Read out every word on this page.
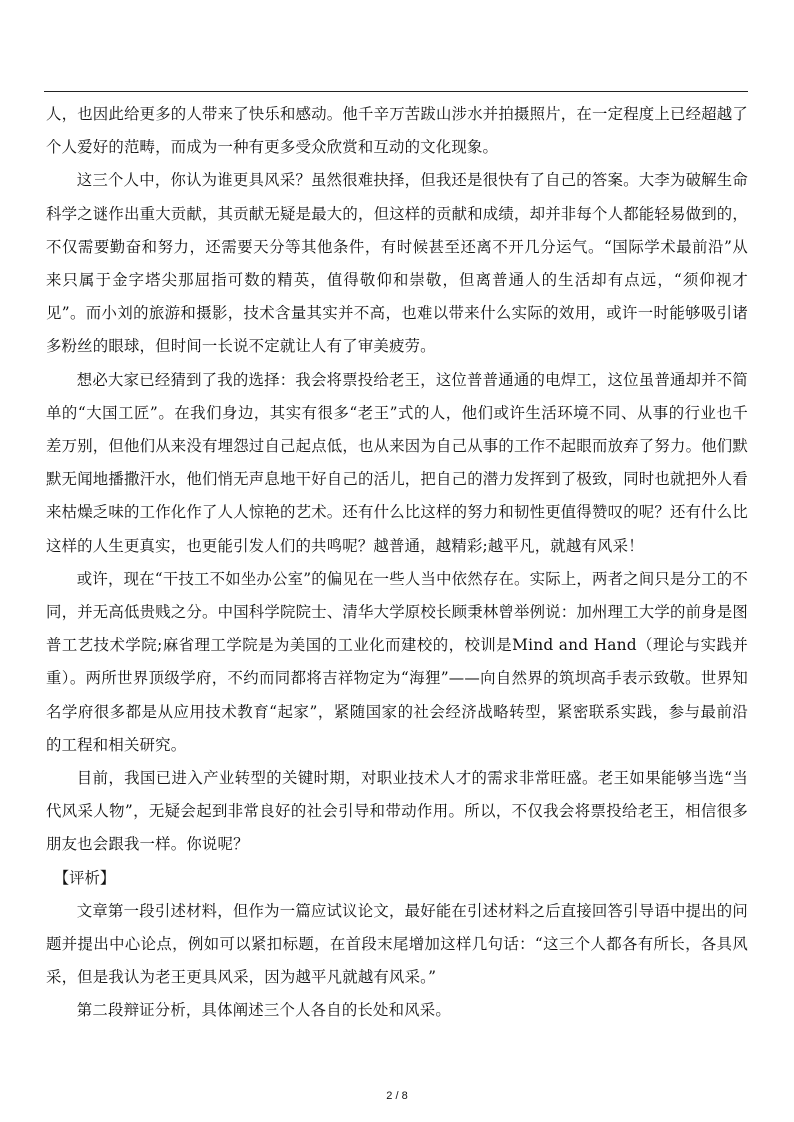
人，也因此给更多的人带来了快乐和感动。他千辛万苦跋山涉水并拍摄照片，在一定程度上已经超越了个人爱好的范畴，而成为一种有更多受众欣赏和互动的文化现象。

这三个人中，你认为谁更具风采？虽然很难抉择，但我还是很快有了自己的答案。大李为破解生命科学之谜作出重大贡献，其贡献无疑是最大的，但这样的贡献和成绩，却并非每个人都能轻易做到的，不仅需要勤奋和努力，还需要天分等其他条件，有时候甚至还离不开几分运气。“国际学术最前沿”从来只属于金字塔尖那屈指可数的精英，值得敬仰和崇敬，但离普通人的生活却有点远，“须仰视才见”。而小刘的旅游和摄影，技术含量其实并不高，也难以带来什么实际的效用，或许一时能够吸引诸多粉丝的眼球，但时间一长说不定就让人有了审美疲劳。

想必大家已经猜到了我的选择：我会将票投给老王，这位普普通通的电焊工，这位虽普通却并不简单的“大国工匠”。在我们身边，其实有很多“老王”式的人，他们或许生活环境不同、从事的行业也千差万别，但他们从来没有埋怨过自己起点低，也从来因为自己从事的工作不起眼而放弃了努力。他们默默无闻地播撒汗水，他们悄无声息地干好自己的活儿，把自己的潜力发挥到了极致，同时也就把外人看来枯燥乏味的工作化作了人人惊艳的艺术。还有什么比这样的努力和韧性更值得赞叹的呢？还有什么比这样的人生更真实，也更能引发人们的共鸣呢？越普通，越精彩;越平凡，就越有风采！

或许，现在“干技工不如坐办公室”的偏见在一些人当中依然存在。实际上，两者之间只是分工的不同，并无高低贵贱之分。中国科学院院士、清华大学原校长顾秉林曾举例说：加州理工大学的前身是图普工艺技术学院;麻省理工学院是为美国的工业化而建校的，校训是Mind and Hand（理论与实践并重）。两所世界顶级学府，不约而同都将吉祥物定为“海狸”——向自然界的筑坝高手表示致敬。世界知名学府很多都是从应用技术教育“起家”，紧随国家的社会经济战略转型，紧密联系实践，参与最前沿的工程和相关研究。

目前，我国已进入产业转型的关键时期，对职业技术人才的需求非常旺盛。老王如果能够当选“当代风采人物”，无疑会起到非常良好的社会引导和带动作用。所以，不仅我会将票投给老王，相信很多朋友也会跟我一样。你说呢？

【评析】

文章第一段引述材料，但作为一篇应试议论文，最好能在引述材料之后直接回答引导语中提出的问题并提出中心论点，例如可以紧扣标题，在首段末尾增加这样几句话：“这三个人都各有所长，各具风采，但是我认为老王更具风采，因为越平凡就越有风采。”

第二段辩证分析，具体阐述三个人各自的长处和风采。

2 / 8
